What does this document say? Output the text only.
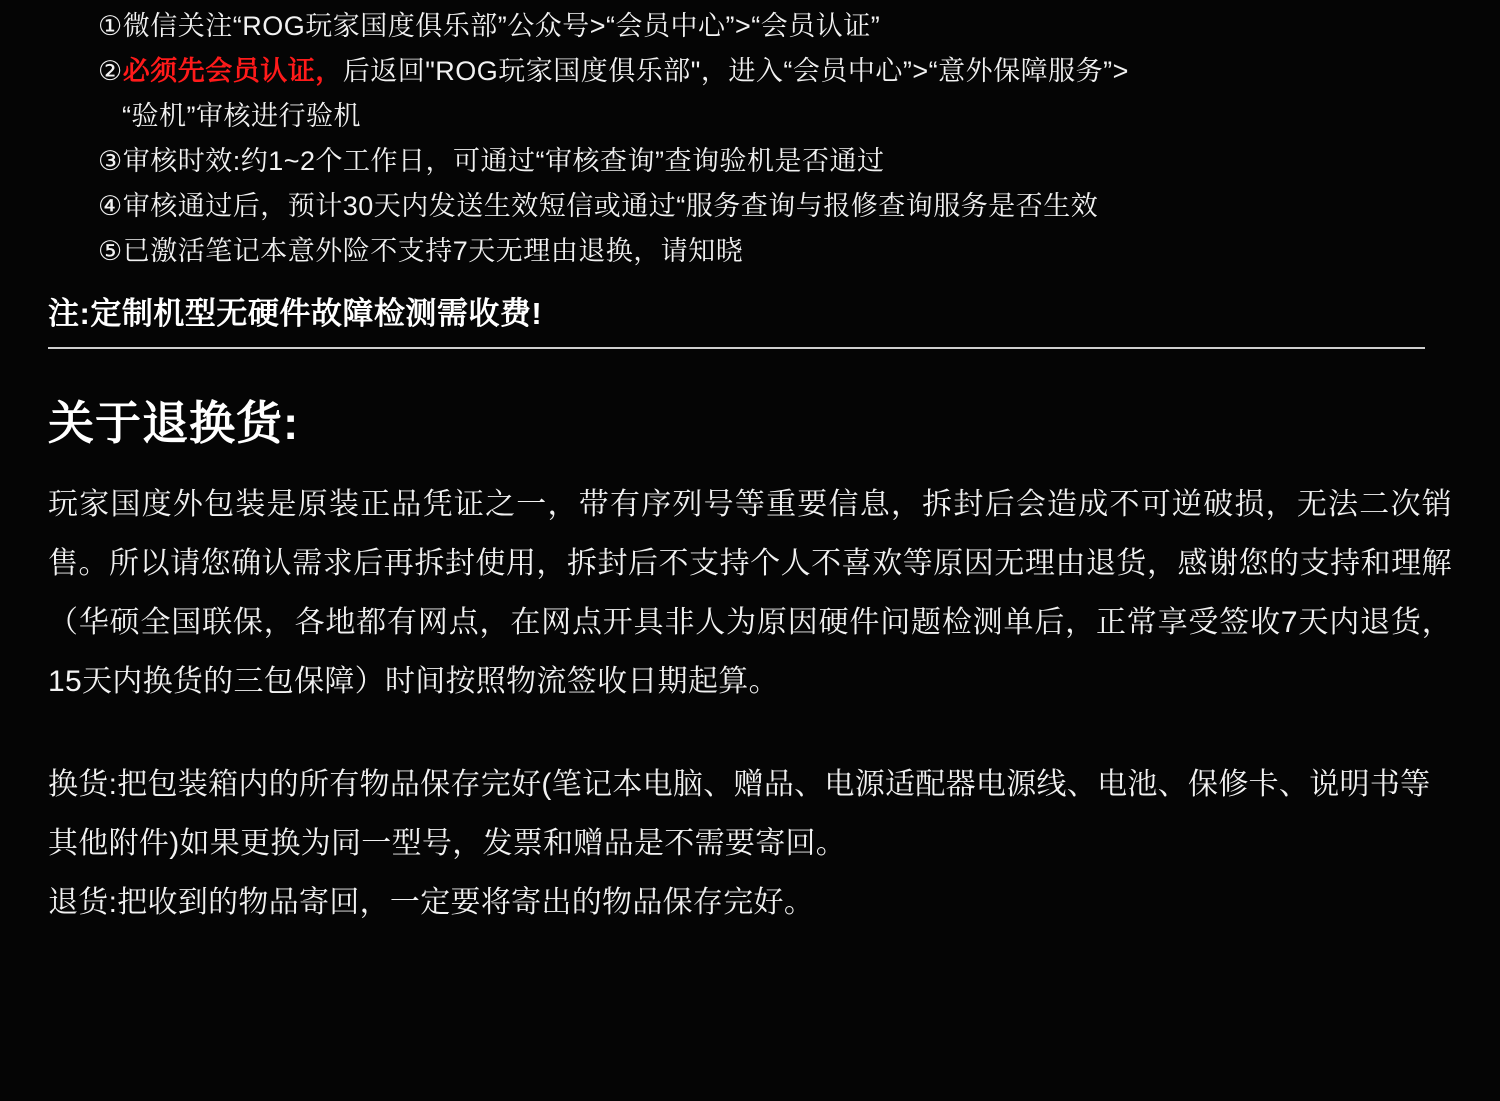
①微信关注“ROG玩家国度俱乐部”公众号>“会员中心”>“会员认证”
②必须先会员认证，后返回"ROG玩家国度俱乐部"，进入“会员中心”>“意外保障服务”>
“验机”审核进行验机
③审核时效:约1~2个工作日，可通过“审核查询”查询验机是否通过
④审核通过后，预计30天内发送生效短信或通过“服务查询与报修查询服务是否生效
⑤已激活笔记本意外险不支持7天无理由退换，请知晓
注:定制机型无硬件故障检测需收费!
关于退换货:
玩家国度外包装是原装正品凭证之一，带有序列号等重要信息，拆封后会造成不可逆破损，无法二次销售。所以请您确认需求后再拆封使用，拆封后不支持个人不喜欢等原因无理由退货，感谢您的支持和理解（华硕全国联保，各地都有网点，在网点开具非人为原因硬件问题检测单后，正常享受签收7天内退货，15天内换货的三包保障）时间按照物流签收日期起算。
换货:把包装箱内的所有物品保存完好(笔记本电脑、赠品、电源适配器电源线、电池、保修卡、说明书等其他附件)如果更换为同一型号，发票和赠品是不需要寄回。
退货:把收到的物品寄回，一定要将寄出的物品保存完好。
